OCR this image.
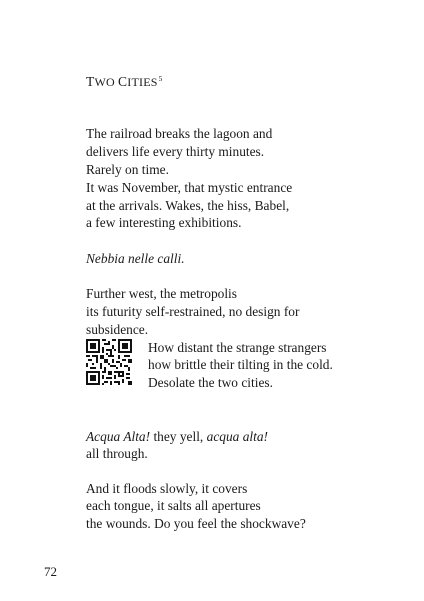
TWO CITIES$^5$
The railroad breaks the lagoon and
delivers life every thirty minutes.
Rarely on time.
It was November, that mystic entrance
at the arrivals. Wakes, the hiss, Babel,
a few interesting exhibitions.
Nebbia nelle calli.
Further west, the metropolis
its futurity self-restrained, no design for
subsidence.
How distant the strange strangers
how brittle their tilting in the cold.
Desolate the two cities.
Acqua Alta! they yell, acqua alta!
all through.
And it floods slowly, it covers
each tongue, it salts all apertures
the wounds. Do you feel the shockwave?
72
